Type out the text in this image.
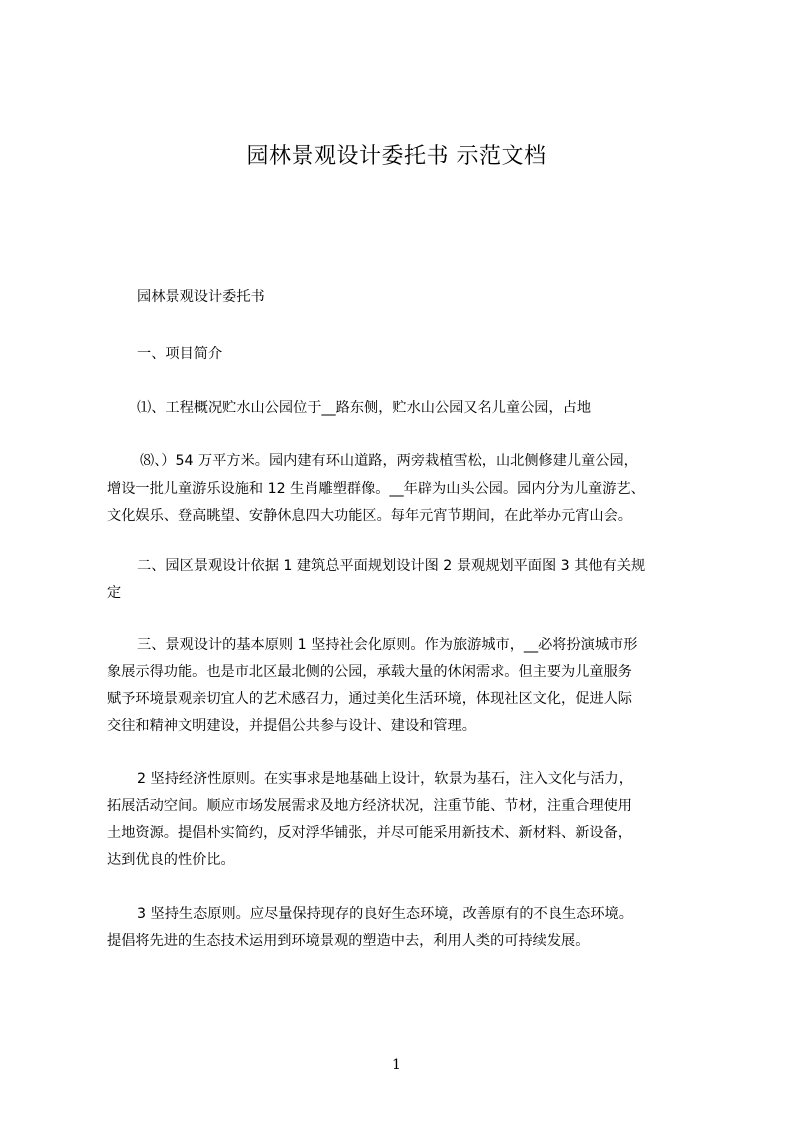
园林景观设计委托书 示范文档
园林景观设计委托书
一、项目简介
⑴、工程概况贮水山公园位于__路东侧，贮水山公园又名儿童公园，占地
⑻、）54 万平方米。园内建有环山道路，两旁栽植雪松，山北侧修建儿童公园，
增设一批儿童游乐设施和 12 生肖雕塑群像。__年辟为山头公园。园内分为儿童游艺、
文化娱乐、登高眺望、安静休息四大功能区。每年元宵节期间，在此举办元宵山会。
二、园区景观设计依据 1 建筑总平面规划设计图 2 景观规划平面图 3 其他有关规
定
三、景观设计的基本原则 1 坚持社会化原则。作为旅游城市，__必将扮演城市形
象展示得功能。也是市北区最北侧的公园，承载大量的休闲需求。但主要为儿童服务
赋予环境景观亲切宜人的艺术感召力，通过美化生活环境，体现社区文化，促进人际
交往和精神文明建设，并提倡公共参与设计、建设和管理。
2 坚持经济性原则。在实事求是地基础上设计，软景为基石，注入文化与活力，
拓展活动空间。顺应市场发展需求及地方经济状况，注重节能、节材，注重合理使用
土地资源。提倡朴实简约，反对浮华铺张，并尽可能采用新技术、新材料、新设备，
达到优良的性价比。
3 坚持生态原则。应尽量保持现存的良好生态环境，改善原有的不良生态环境。
提倡将先进的生态技术运用到环境景观的塑造中去，利用人类的可持续发展。
1
